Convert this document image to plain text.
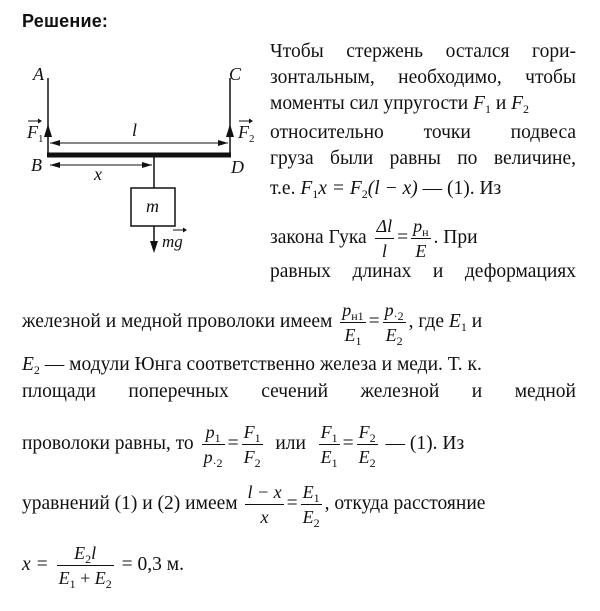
Решение:
A	C
B	D
l
x
m
$F_1$	$F_2$
mg
Чтобы стержень остался гори-
зонтальным, необходимо, чтобы
моменты сил упругости $F_1$ и $F_2$
относительно точки подвеса
груза были равны по величине,
т.е. $F_1x = F_2(l - x)$ — (1). Из
закона Гука $\frac{\Delta l}{l} = \frac{p_н}{E}$ . При
равных длинах и деформациях
железной и медной проволоки имеем $\frac{p_{н1}}{E_1} = \frac{p_{\cdot 2}}{E_2}$ , где $E_1$ и
$E_2$ — модули Юнга соответственно железа и меди. Т. к.
площади поперечных сечений железной и медной
проволоки равны, то $\frac{p_1}{p_{\cdot 2}} = \frac{F_1}{F_2}$ или $\frac{F_1}{E_1} = \frac{F_2}{E_2}$ — (1). Из
уравнений (1) и (2) имеем $\frac{l - x}{x} = \frac{E_1}{E_2}$ , откуда расстояние
$x = \frac{E_2l}{E_1 + E_2} = 0,3$ м.
